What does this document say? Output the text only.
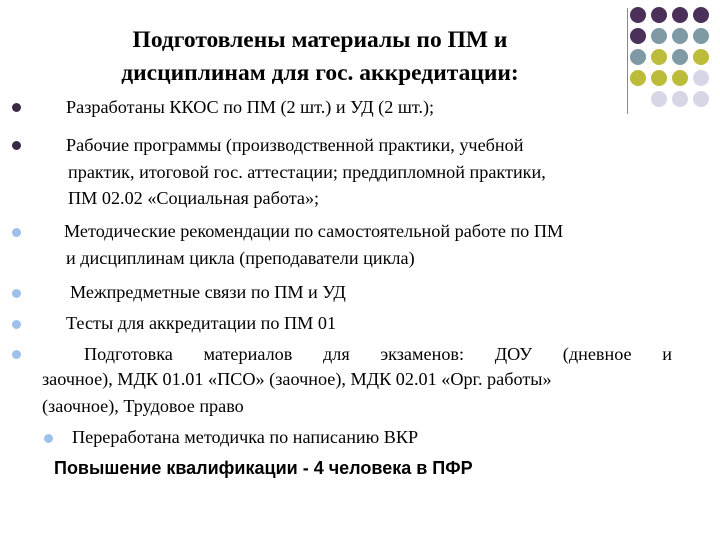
Подготовлены материалы по ПМ и
дисциплинам для гос. аккредитации:
Разработаны ККОС по ПМ (2 шт.) и УД (2 шт.);
Рабочие программы (производственной практики, учебной
практик, итоговой гос. аттестации; преддипломной практики,
ПМ 02.02 «Социальная работа»;
Методические рекомендации по самостоятельной работе по ПМ
и дисциплинам цикла (преподаватели цикла)
Межпредметные связи по ПМ и УД
Тесты для аккредитации по ПМ 01
Подготовка материалов для экзаменов: ДОУ (дневное и
заочное), МДК 01.01 «ПСО» (заочное), МДК 02.01 «Орг. работы»
(заочное), Трудовое право
Переработана методичка по написанию ВКР
Повышение квалификации - 4 человека в ПФР
